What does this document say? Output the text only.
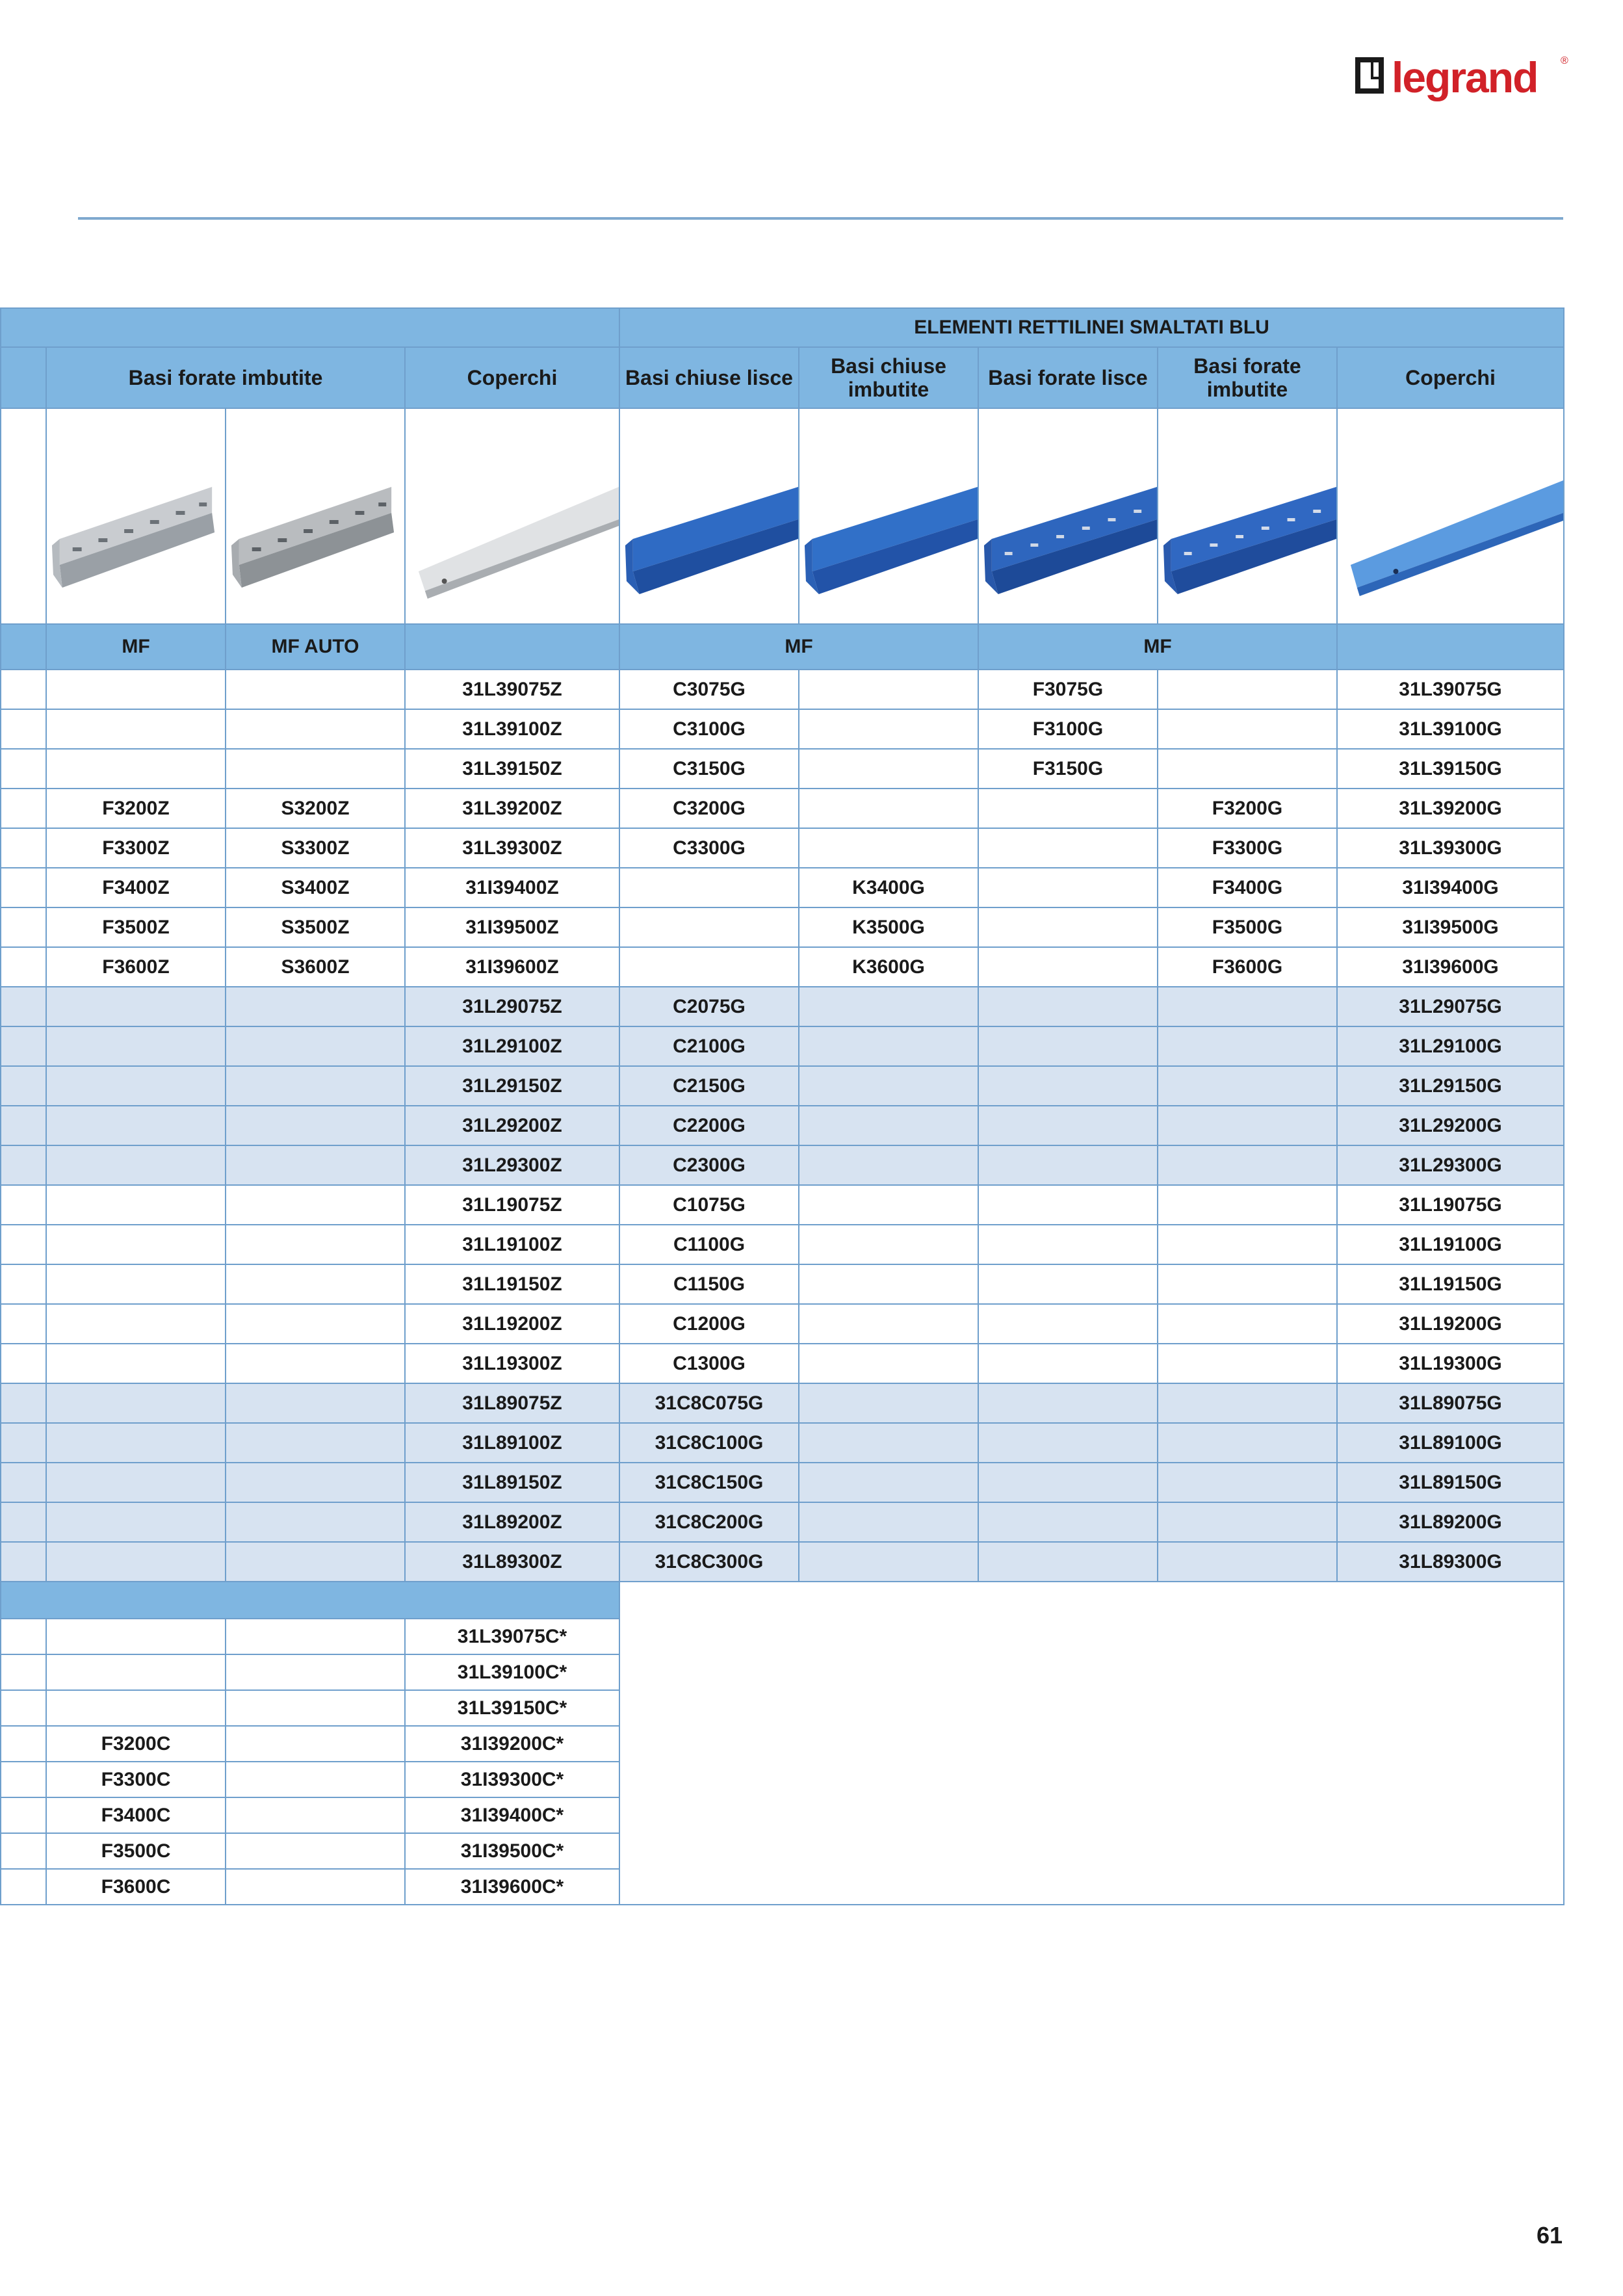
legrand ®
				ELEMENTI RETTILINEI SMALTATI BLU				
	Basi forate imbutite		Coperchi	Basi chiuse lisce	Basi chiuse imbutite	Basi forate lisce	Basi forate imbutite	Coperchi

	MF	MF AUTO		MF		MF		
			31L39075Z	C3075G		F3075G		31L39075G
			31L39100Z	C3100G		F3100G		31L39100G
			31L39150Z	C3150G		F3150G		31L39150G
	F3200Z	S3200Z	31L39200Z	C3200G			F3200G	31L39200G
	F3300Z	S3300Z	31L39300Z	C3300G			F3300G	31L39300G
	F3400Z	S3400Z	31I39400Z		K3400G		F3400G	31I39400G
	F3500Z	S3500Z	31I39500Z		K3500G		F3500G	31I39500G
	F3600Z	S3600Z	31I39600Z		K3600G		F3600G	31I39600G
			31L29075Z	C2075G				31L29075G
			31L29100Z	C2100G				31L29100G
			31L29150Z	C2150G				31L29150G
			31L29200Z	C2200G				31L29200G
			31L29300Z	C2300G				31L29300G
			31L19075Z	C1075G				31L19075G
			31L19100Z	C1100G				31L19100G
			31L19150Z	C1150G				31L19150G
			31L19200Z	C1200G				31L19200G
			31L19300Z	C1300G				31L19300G
			31L89075Z	31C8C075G				31L89075G
			31L89100Z	31C8C100G				31L89100G
			31L89150Z	31C8C150G				31L89150G
			31L89200Z	31C8C200G				31L89200G
			31L89300Z	31C8C300G				31L89300G

			31L39075C*					
			31L39100C*					
			31L39150C*					
	F3200C		31I39200C*					
	F3300C		31I39300C*					
	F3400C		31I39400C*					
	F3500C		31I39500C*					
	F3600C		31I39600C*					
61
